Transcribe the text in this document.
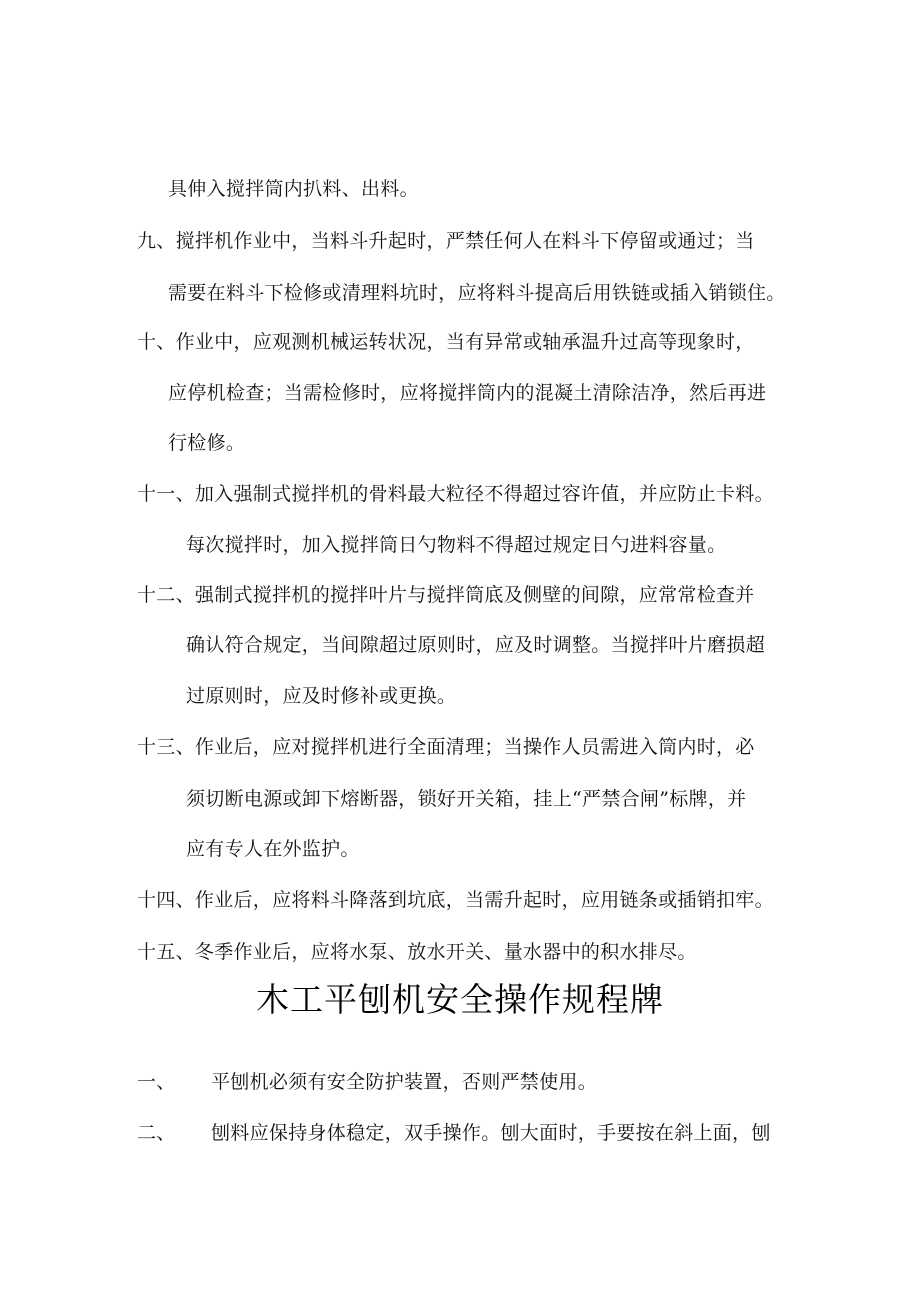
具伸入搅拌筒内扒料、出料。
九、搅拌机作业中，当料斗升起时，严禁任何人在料斗下停留或通过；当
需要在料斗下检修或清理料坑时，应将料斗提高后用铁链或插入销锁住。
十、作业中，应观测机械运转状况，当有异常或轴承温升过高等现象时，
应停机检查；当需检修时，应将搅拌筒内的混凝土清除洁净，然后再进
行检修。
十一、加入强制式搅拌机的骨料最大粒径不得超过容许值，并应防止卡料。
每次搅拌时，加入搅拌筒日勺物料不得超过规定日勺进料容量。
十二、强制式搅拌机的搅拌叶片与搅拌筒底及侧壁的间隙，应常常检查并
确认符合规定，当间隙超过原则时，应及时调整。当搅拌叶片磨损超
过原则时，应及时修补或更换。
十三、作业后，应对搅拌机进行全面清理；当操作人员需进入筒内时，必
须切断电源或卸下熔断器，锁好开关箱，挂上“严禁合闸”标牌，并
应有专人在外监护。
十四、作业后，应将料斗降落到坑底，当需升起时，应用链条或插销扣牢。
十五、冬季作业后，应将水泵、放水开关、量水器中的积水排尽。
木工平刨机安全操作规程牌
一、 平刨机必须有安全防护装置，否则严禁使用。
二、 刨料应保持身体稳定，双手操作。刨大面时，手要按在斜上面，刨
